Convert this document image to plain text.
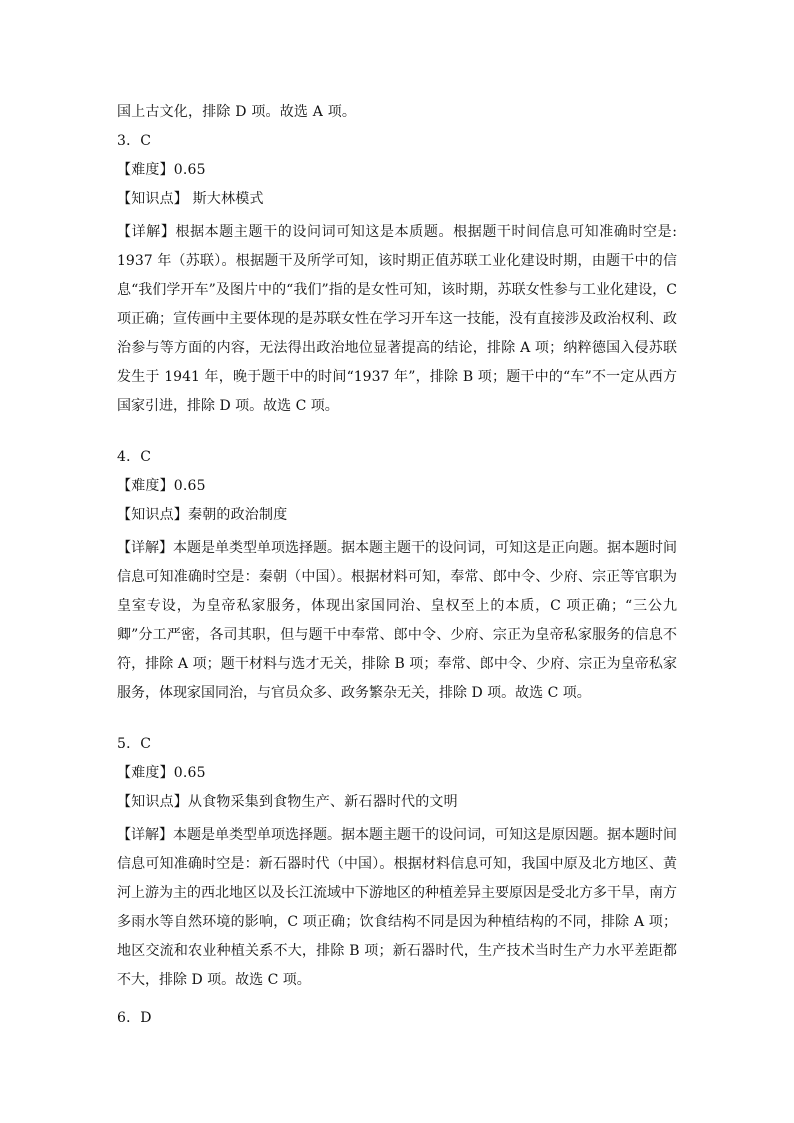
国上古文化，排除 D 项。故选 A 项。
3．C
【难度】0.65
【知识点】 斯大林模式
【详解】根据本题主题干的设问词可知这是本质题。根据题干时间信息可知准确时空是: 1937 年（苏联）。根据题干及所学可知，该时期正值苏联工业化建设时期，由题干中的信息“我们学开车”及图片中的“我们”指的是女性可知，该时期，苏联女性参与工业化建设，C 项正确；宣传画中主要体现的是苏联女性在学习开车这一技能，没有直接涉及政治权利、政治参与等方面的内容，无法得出政治地位显著提高的结论，排除 A 项；纳粹德国入侵苏联发生于 1941 年，晚于题干中的时间“1937 年”，排除 B 项；题干中的“车”不一定从西方国家引进，排除 D 项。故选 C 项。
4．C
【难度】0.65
【知识点】秦朝的政治制度
【详解】本题是单类型单项选择题。据本题主题干的设问词，可知这是正向题。据本题时间信息可知准确时空是：秦朝（中国）。根据材料可知，奉常、郎中令、少府、宗正等官职为皇室专设，为皇帝私家服务，体现出家国同治、皇权至上的本质，C 项正确；“三公九卿”分工严密，各司其职，但与题干中奉常、郎中令、少府、宗正为皇帝私家服务的信息不符，排除 A 项；题干材料与选才无关，排除 B 项；奉常、郎中令、少府、宗正为皇帝私家服务，体现家国同治，与官员众多、政务繁杂无关，排除 D 项。故选 C 项。
5．C
【难度】0.65
【知识点】从食物采集到食物生产、新石器时代的文明
【详解】本题是单类型单项选择题。据本题主题干的设问词，可知这是原因题。据本题时间信息可知准确时空是：新石器时代（中国）。根据材料信息可知，我国中原及北方地区、黄河上游为主的西北地区以及长江流域中下游地区的种植差异主要原因是受北方多干旱，南方多雨水等自然环境的影响，C 项正确；饮食结构不同是因为种植结构的不同，排除 A 项；地区交流和农业种植关系不大，排除 B 项；新石器时代，生产技术当时生产力水平差距都不大，排除 D 项。故选 C 项。
6．D
